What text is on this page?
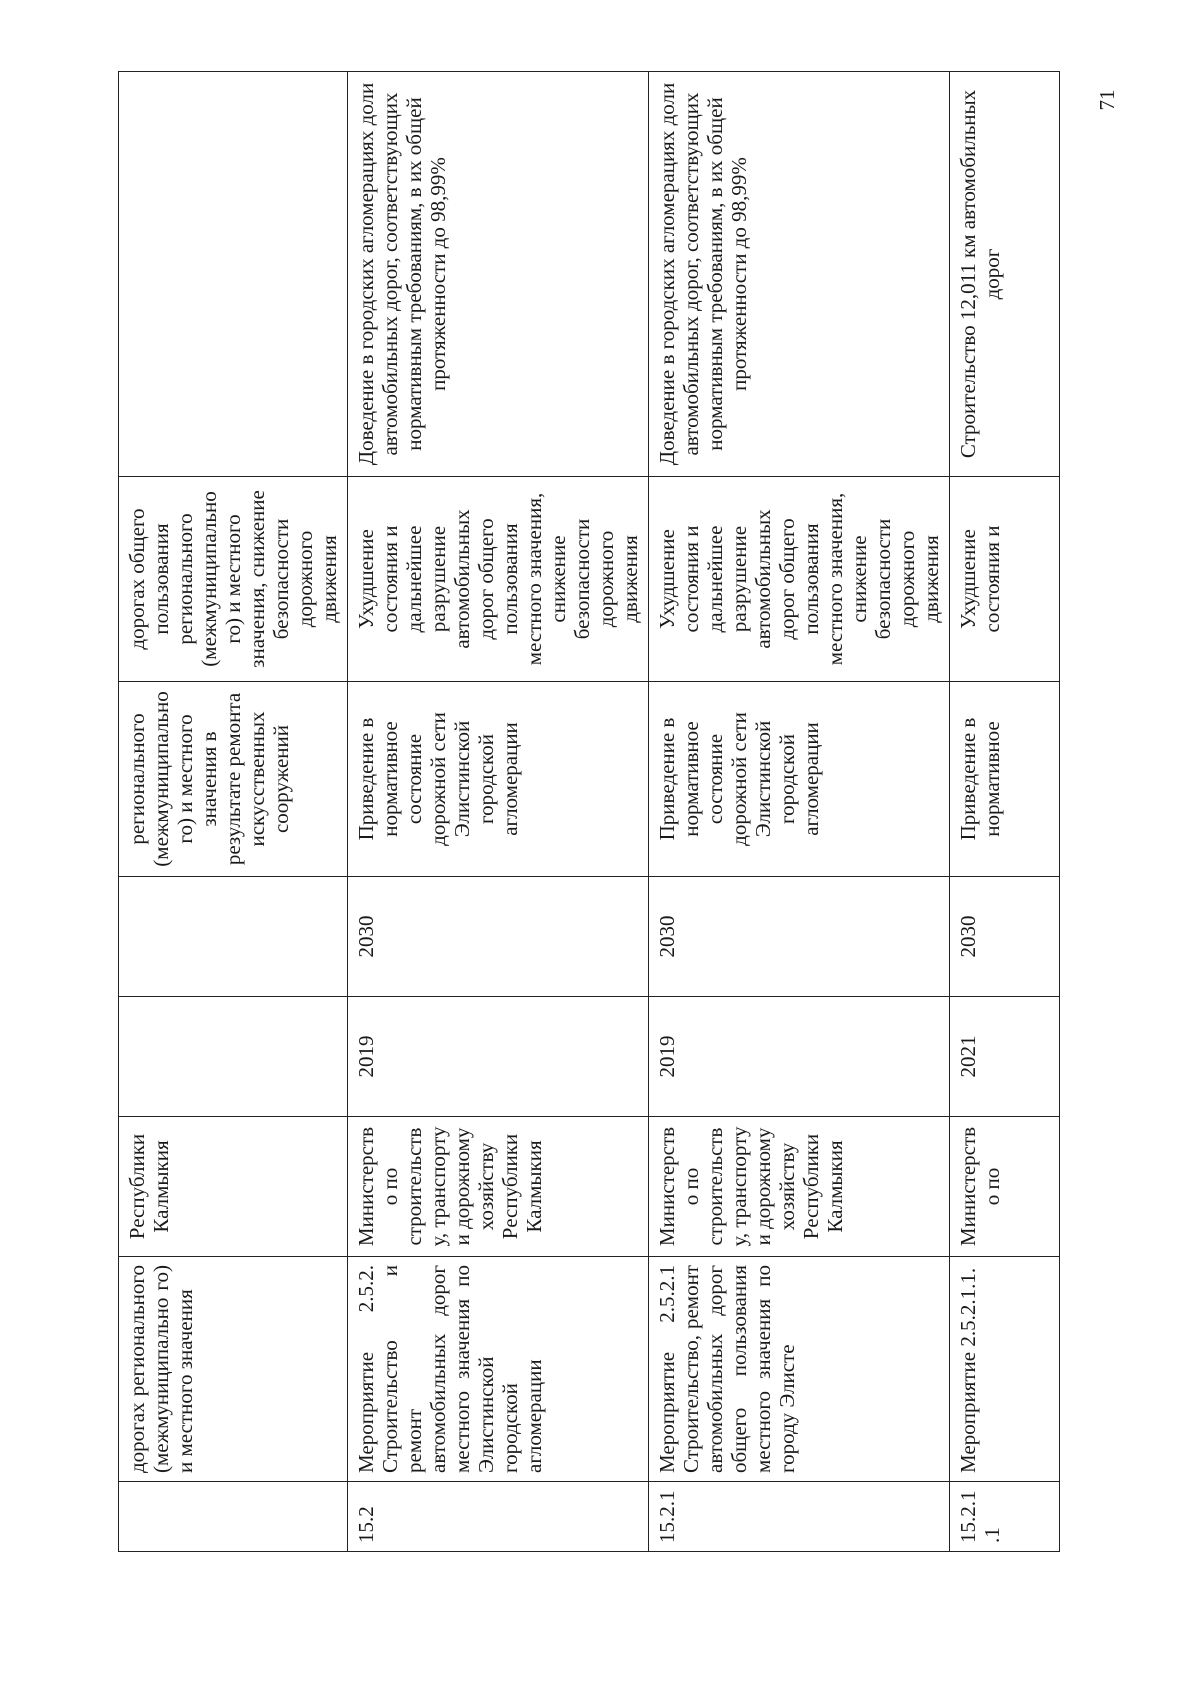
	дорогах регионального (межмуниципально го) и местного значения	Республики Калмыкия			регионального (межмуниципально го) и местного значения в результате ремонта искусственных сооружений	дорогах общего пользования регионального (межмуниципально го) и местного значения, снижение безопасности дорожного движения	
15.2	Мероприятие 2.5.2. Строительство и ремонт автомобильных дорог местного значения по Элистинской городской агломерации	Министерств о по строительств у, транспорту и дорожному хозяйству Республики Калмыкия	2019	2030	Приведение в нормативное состояние дорожной сети Элистинской городской агломерации	Ухудшение состояния и дальнейшее разрушение автомобильных дорог общего пользования местного значения, снижение безопасности дорожного движения	Доведение в городских агломерациях доли автомобильных дорог, соответствующих нормативным требованиям, в их общей протяженности до 98,99%
15.2.1	Мероприятие 2.5.2.1 Строительство, ремонт автомобильных дорог общего пользования местного значения по городу Элисте	Министерств о по строительств у, транспорту и дорожному хозяйству Республики Калмыкия	2019	2030	Приведение в нормативное состояние дорожной сети Элистинской городской агломерации	Ухудшение состояния и дальнейшее разрушение автомобильных дорог общего пользования местного значения, снижение безопасности дорожного движения	Доведение в городских агломерациях доли автомобильных дорог, соответствующих нормативным требованиям, в их общей протяженности до 98,99%
15.2.1.1	Мероприятие 2.5.2.1.1.	Министерств о по	2021	2030	Приведение в нормативное	Ухудшение состояния и	Строительство 12,011 км автомобильных дорог
71
